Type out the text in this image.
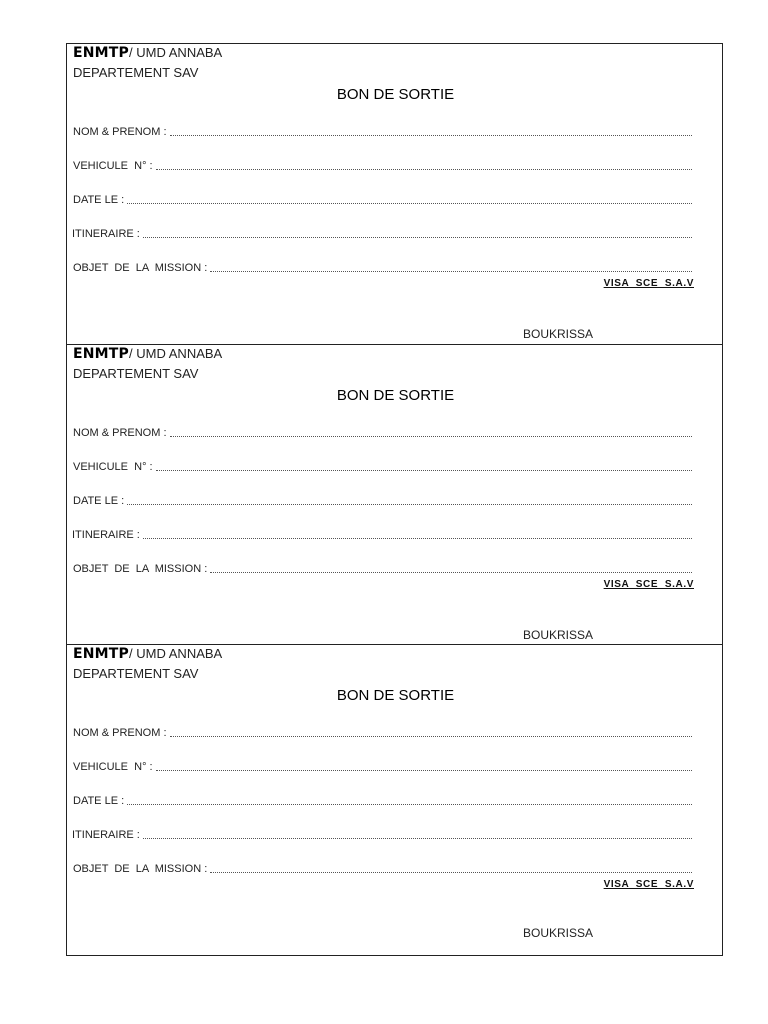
ENMTP/ UMD ANNABA
DEPARTEMENT SAV
BON DE SORTIE
NOM & PRENOM :
VEHICULE  N° :
DATE LE :
ITINERAIRE :
OBJET  DE  LA  MISSION :
VISA  SCE  S.A.V
BOUKRISSA
ENMTP/ UMD ANNABA
DEPARTEMENT SAV
BON DE SORTIE
NOM & PRENOM :
VEHICULE  N° :
DATE LE :
ITINERAIRE :
OBJET  DE  LA  MISSION :
VISA  SCE  S.A.V
BOUKRISSA
ENMTP/ UMD ANNABA
DEPARTEMENT SAV
BON DE SORTIE
NOM & PRENOM :
VEHICULE  N° :
DATE LE :
ITINERAIRE :
OBJET  DE  LA  MISSION :
VISA  SCE  S.A.V
BOUKRISSA
